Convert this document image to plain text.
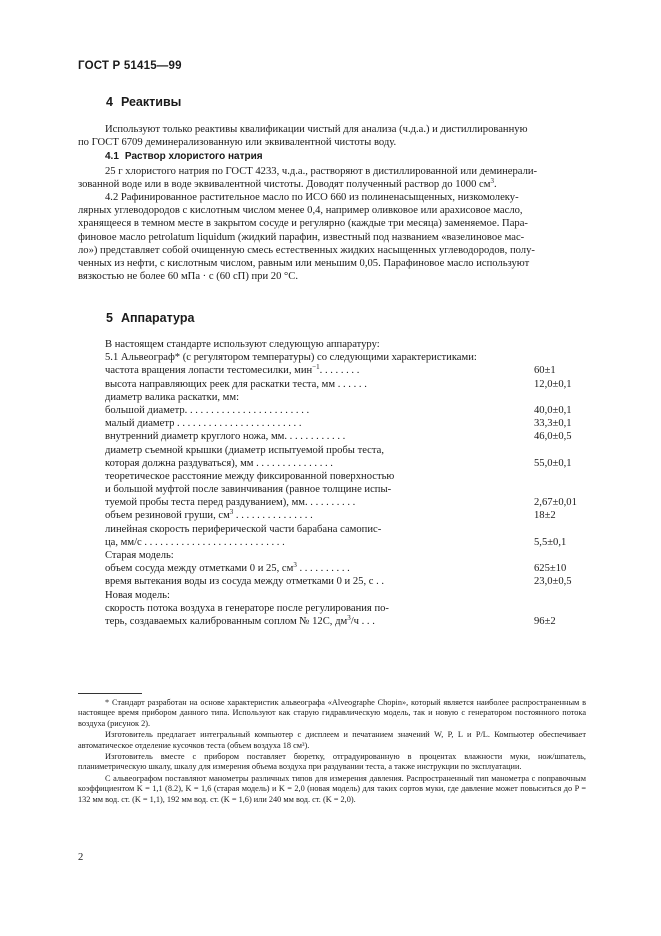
ГОСТ Р 51415—99
4 Реактивы

Используют только реактивы квалификации чистый для анализа (ч.д.а.) и дистиллированную

по ГОСТ 6709 деминерализованную или эквивалентной чистоты воду.

4.1 Раствор хлористого натрия

25 г хлористого натрия по ГОСТ 4233, ч.д.а., растворяют в дистиллированной или деминерали-

зованной воде или в воде эквивалентной чистоты. Доводят полученный раствор до 1000 $см^3$.

4.2 Рафинированное растительное масло по ИСО 660 из полиненасыщенных, низкомолеку-

лярных углеводородов с кислотным числом менее 0,4, например оливковое или арахисовое масло,

хранящееся в темном месте в закрытом сосуде и регулярно (каждые три месяца) заменяемое. Пара-

финовое масло petrolatum liquidum (жидкий парафин, известный под названием «вазелиновое мас-

ло») представляет собой очищенную смесь естественных жидких насыщенных углеводородов, полу-

ченных из нефти, с кислотным числом, равным или меньшим 0,05. Парафиновое масло используют

вязкостью не более 60 мПа · с (60 сП) при 20 °С.

5 Аппаратура
В настоящем стандарте используют следующую аппаратуру:
5.1 Альвеограф* (с регулятором температуры) со следующими характеристиками:
частота вращения лопасти тестомесилки, мин$^{-1}$. . . . . . . .	60±1
высота направляющих реек для раскатки теста, мм . . . . . .	12,0±0,1
диаметр валика раскатки, мм:
большой диаметр. . . . . . . . . . . . . . . . . . . . . . . .	40,0±0,1
малый диаметр . . . . . . . . . . . . . . . . . . . . . . . .	33,3±0,1
внутренний диаметр круглого ножа, мм. . . . . . . . . . . .	46,0±0,5
диаметр съемной крышки (диаметр испытуемой пробы теста,
которая должна раздуваться), мм . . . . . . . . . . . . . . .	55,0±0,1
теоретическое расстояние между фиксированной поверхностью
и большой муфтой после завинчивания (равное толщине испы-
туемой пробы теста перед раздуванием), мм. . . . . . . . . .	2,67±0,01
объем резиновой груши, $см^3$ . . . . . . . . . . . . . . .	18±2
линейная скорость периферической части барабана самопис-
ца, мм/с . . . . . . . . . . . . . . . . . . . . . . . . . . .	5,5±0,1
Старая модель:
объем сосуда между отметками 0 и 25, $см^3$ . . . . . . . . . .	625±10
время вытекания воды из сосуда между отметками 0 и 25, с . .	23,0±0,5
Новая модель:
скорость потока воздуха в генераторе после регулирования по-
терь, создаваемых калиброванным соплом № 12С, $дм^3/ч$ . . .	96±2

* Стандарт разработан на основе характеристик альвеографа «Alveographe Chopin», который является наиболее распространенным в настоящее время прибором данного типа. Используют как старую гидравлическую модель, так и новую с генератором постоянного потока воздуха (рисунок 2).

Изготовитель предлагает интегральный компьютер с дисплеем и печатанием значений W, P, L и P/L. Компьютер обеспечивает автоматическое отделение кусочков теста (объем воздуха 18 см³).

Изготовитель вместе с прибором поставляет бюретку, отградуированную в процентах влажности муки, нож/шпатель, планиметрическую шкалу, шкалу для измерения объема воздуха при раздувании теста, а также инструкции по эксплуатации.

С альвеографом поставляют манометры различных типов для измерения давления. Распространенный тип манометра с поправочным коэффициентом K = 1,1 (8.2), K = 1,6 (старая модель) и K = 2,0 (новая модель) для таких сортов муки, где давление может повыситься до P = 132 мм вод. ст. (K = 1,1), 192 мм вод. ст. (K = 1,6) или 240 мм вод. ст. (K = 2,0).

2
